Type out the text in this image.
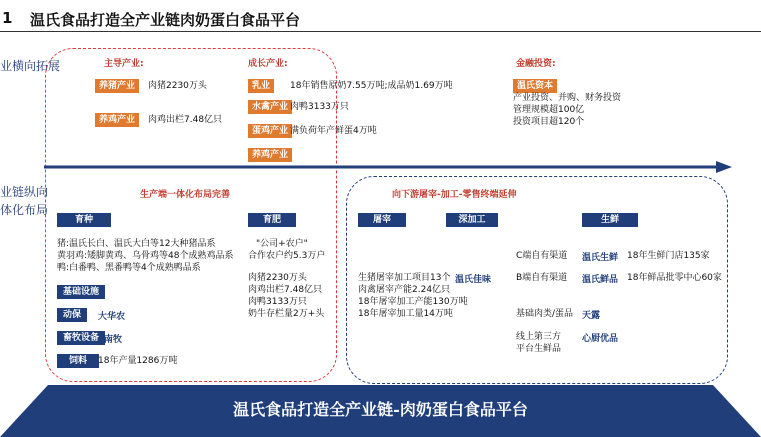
1 温氏食品打造全产业链肉奶蛋白食品平台
业横向拓展
业链纵向
体化布局
主导产业:
养猪产业	肉猪2230万头
养鸡产业	肉鸡出栏7.48亿只
成长产业:
乳业	18年销售原奶7.55万吨;成品奶1.69万吨
水禽产业 肉鸭3133万只
蛋鸡产业 满负荷年产鲜蛋4万吨
养鸡产业
金融投资:
温氏资本
产业投资、并购、财务投资
管理规模超100亿
投资项目超120个
生产端一体化布局完善
育种
猪:温氏长白、温氏大白等12大种猪品系
黄羽鸡:矮脚黄鸡、乌骨鸡等48个成熟鸡品系
鸭:白番鸭、黑番鸭等4个成熟鸭品系
基础设施
动保	大华农
畜牧设备 南牧
饲料	18年产量1286万吨
育肥
"公司+农户"
合作农户约5.3万户
肉猪2230万头
肉鸡出栏7.48亿只
肉鸭3133万只
奶牛存栏量2万+头
向下游屠宰-加工-零售终端延伸
屠宰	深加工	生鲜
生猪屠宰加工项目13个 温氏佳味
肉禽屠宰产能2.24亿只
18年屠宰加工产能130万吨
18年屠宰加工量14万吨
C端自有渠道 温氏生鲜 18年生鲜门店135家
B端自有渠道 温氏鲜品 18年鲜品批零中心60家
基础肉类/蛋品 天露
线上第三方
平台生鲜品
心厨优品
温氏食品打造全产业链-肉奶蛋白食品平台
